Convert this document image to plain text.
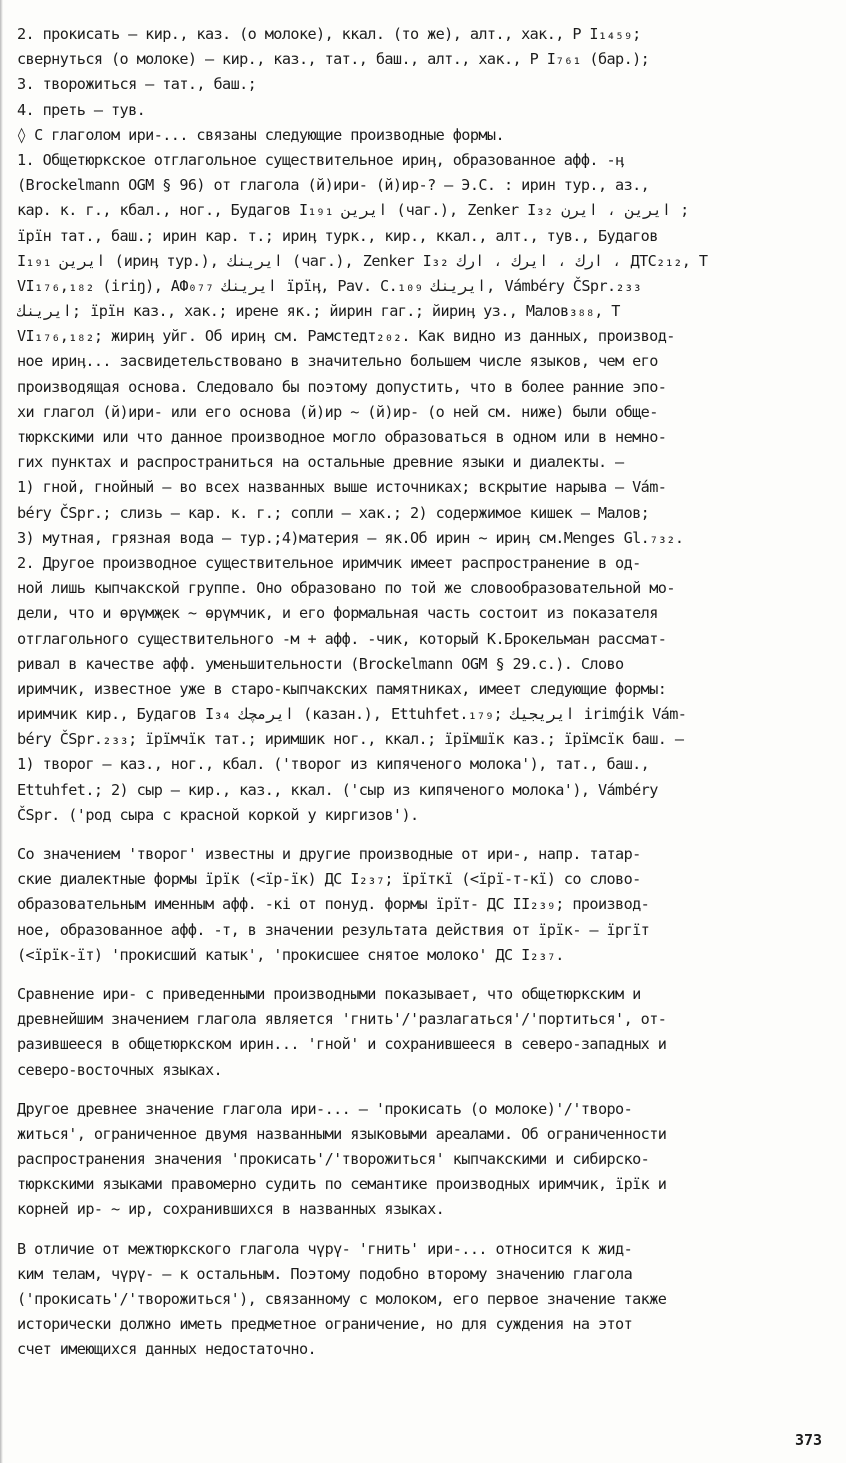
2. прокисать – кир., каз. (о молоке), ккал. (то же), алт., хак., Р I₁₄₅₉;
свернуться (о молоке) – кир., каз., тат., баш., алт., хак., Р I₇₆₁ (бар.);
3. творожиться – тат., баш.;
4. преть – тув.
◊ С глаголом ири-... связаны следующие производные формы.
1. Общетюркское отглагольное существительное ириӊ, образованное афф. -ӊ
(Brockelmann OGM § 96) от глагола (й)ири- (й)ир-? – Э.С. : ирин тур., аз.,
кар. к. г., кбал., ног., Будагов I₁₉₁ ايرين (чаг.), Zenker I₃₂ ايرين ، ايرن ;
ïрїн тат., баш.; ирин кар. т.; ириӊ турк., кир., ккал., алт., тув., Будагов
I₁₉₁ ايرين (ириӊ тур.), ايرينك (чаг.), Zenker I₃₂ ارك ، ايرك ، ارك ، ДТС₂₁₂, Т
VI₁₇₆,₁₈₂ (iriŋ), АФ₀₇₇ ايرينك ïрїӊ, Pav. C.₁₀₉ ايرينك, Vámbéry ČSpr.₂₃₃
ايرينك; ïрїн каз., хак.; ирене як.; йирин гаг.; йириӊ уз., Малов₃₈₈, Т
VI₁₇₆,₁₈₂; жириӊ уйг. Об ириӊ см. Рамстедт₂₀₂. Как видно из данных, производ-
ное ириӊ... засвидетельствовано в значительно большем числе языков, чем его
производящая основа. Следовало бы поэтому допустить, что в более ранние эпо-
хи глагол (й)ири- или его основа (й)ир ~ (й)ир- (о ней см. ниже) были обще-
тюркскими или что данное производное могло образоваться в одном или в немно-
гих пунктах и распространиться на остальные древние языки и диалекты. –
1) гной, гнойный – во всех названных выше источниках; вскрытие нарыва – Vám-
béry ČSpr.; слизь – кар. к. г.; сопли – хак.; 2) содержимое кишек – Малов;
3) мутная, грязная вода – тур.;4)материя – як.Об ирин ~ ириӊ см.Menges Gl.₇₃₂.
2. Другое производное существительное иримчик имеет распространение в од-
ной лишь кыпчакской группе. Оно образовано по той же словообразовательной мо-
дели, что и өрүмҗек ~ өрүмчик, и его формальная часть состоит из показателя
отглагольного существительного -м + афф. -чик, который К.Брокельман рассмат-
ривал в качестве афф. уменьшительности (Brockelmann OGM § 29.c.). Слово
иримчик, известное уже в старо-кыпчакских памятниках, имеет следующие формы:
иримчик кир., Будагов I₃₄ ايرمچك (казан.), Ettuhfet.₁₇₉; ايريجيك irimǵik Vám-
béry ČSpr.₂₃₃; ïрїмчїк тат.; иримшик ног., ккал.; ïрїмшїк каз.; ïрїмсїк баш. –
1) творог – каз., ног., кбал. ('творог из кипяченого молока'), тат., баш.,
Ettuhfet.; 2) сыр – кир., каз., ккал. ('сыр из кипяченого молока'), Vámbéry
ČSpr. ('род сыра с красной коркой у киргизов').
Со значением 'творог' известны и другие производные от ири-, напр. татар-
ские диалектные формы ïрїк (<ïр-їк) ДС I₂₃₇; ïрїткї (<ïрї-т-кї) со слово-
образовательным именным афф. -кі от понуд. формы ïрїт- ДС II₂₃₉; производ-
ное, образованное афф. -т, в значении результата действия от ïрїк- – ïргїт
(<ïрїк-їт) 'прокисший катык', 'прокисшее снятое молоко' ДС I₂₃₇.
Сравнение ири- с приведенными производными показывает, что общетюркским и
древнейшим значением глагола является 'гнить'/'разлагаться'/'портиться', от-
разившееся в общетюркском ирин... 'гной' и сохранившееся в северо-западных и
северо-восточных языках.
Другое древнее значение глагола ири-... – 'прокисать (о молоке)'/'творо-
житься', ограниченное двумя названными языковыми ареалами. Об ограниченности
распространения значения 'прокисать'/'творожиться' кыпчакскими и сибирско-
тюркскими языками правомерно судить по семантике производных иримчик, ïрїк и
корней ир- ~ ир, сохранившихся в названных языках.
В отличие от межтюркского глагола чүрү- 'гнить' ири-... относится к жид-
ким телам, чүрү- – к остальным. Поэтому подобно второму значению глагола
('прокисать'/'творожиться'), связанному с молоком, его первое значение также
исторически должно иметь предметное ограничение, но для суждения на этот
счет имеющихся данных недостаточно.
373
